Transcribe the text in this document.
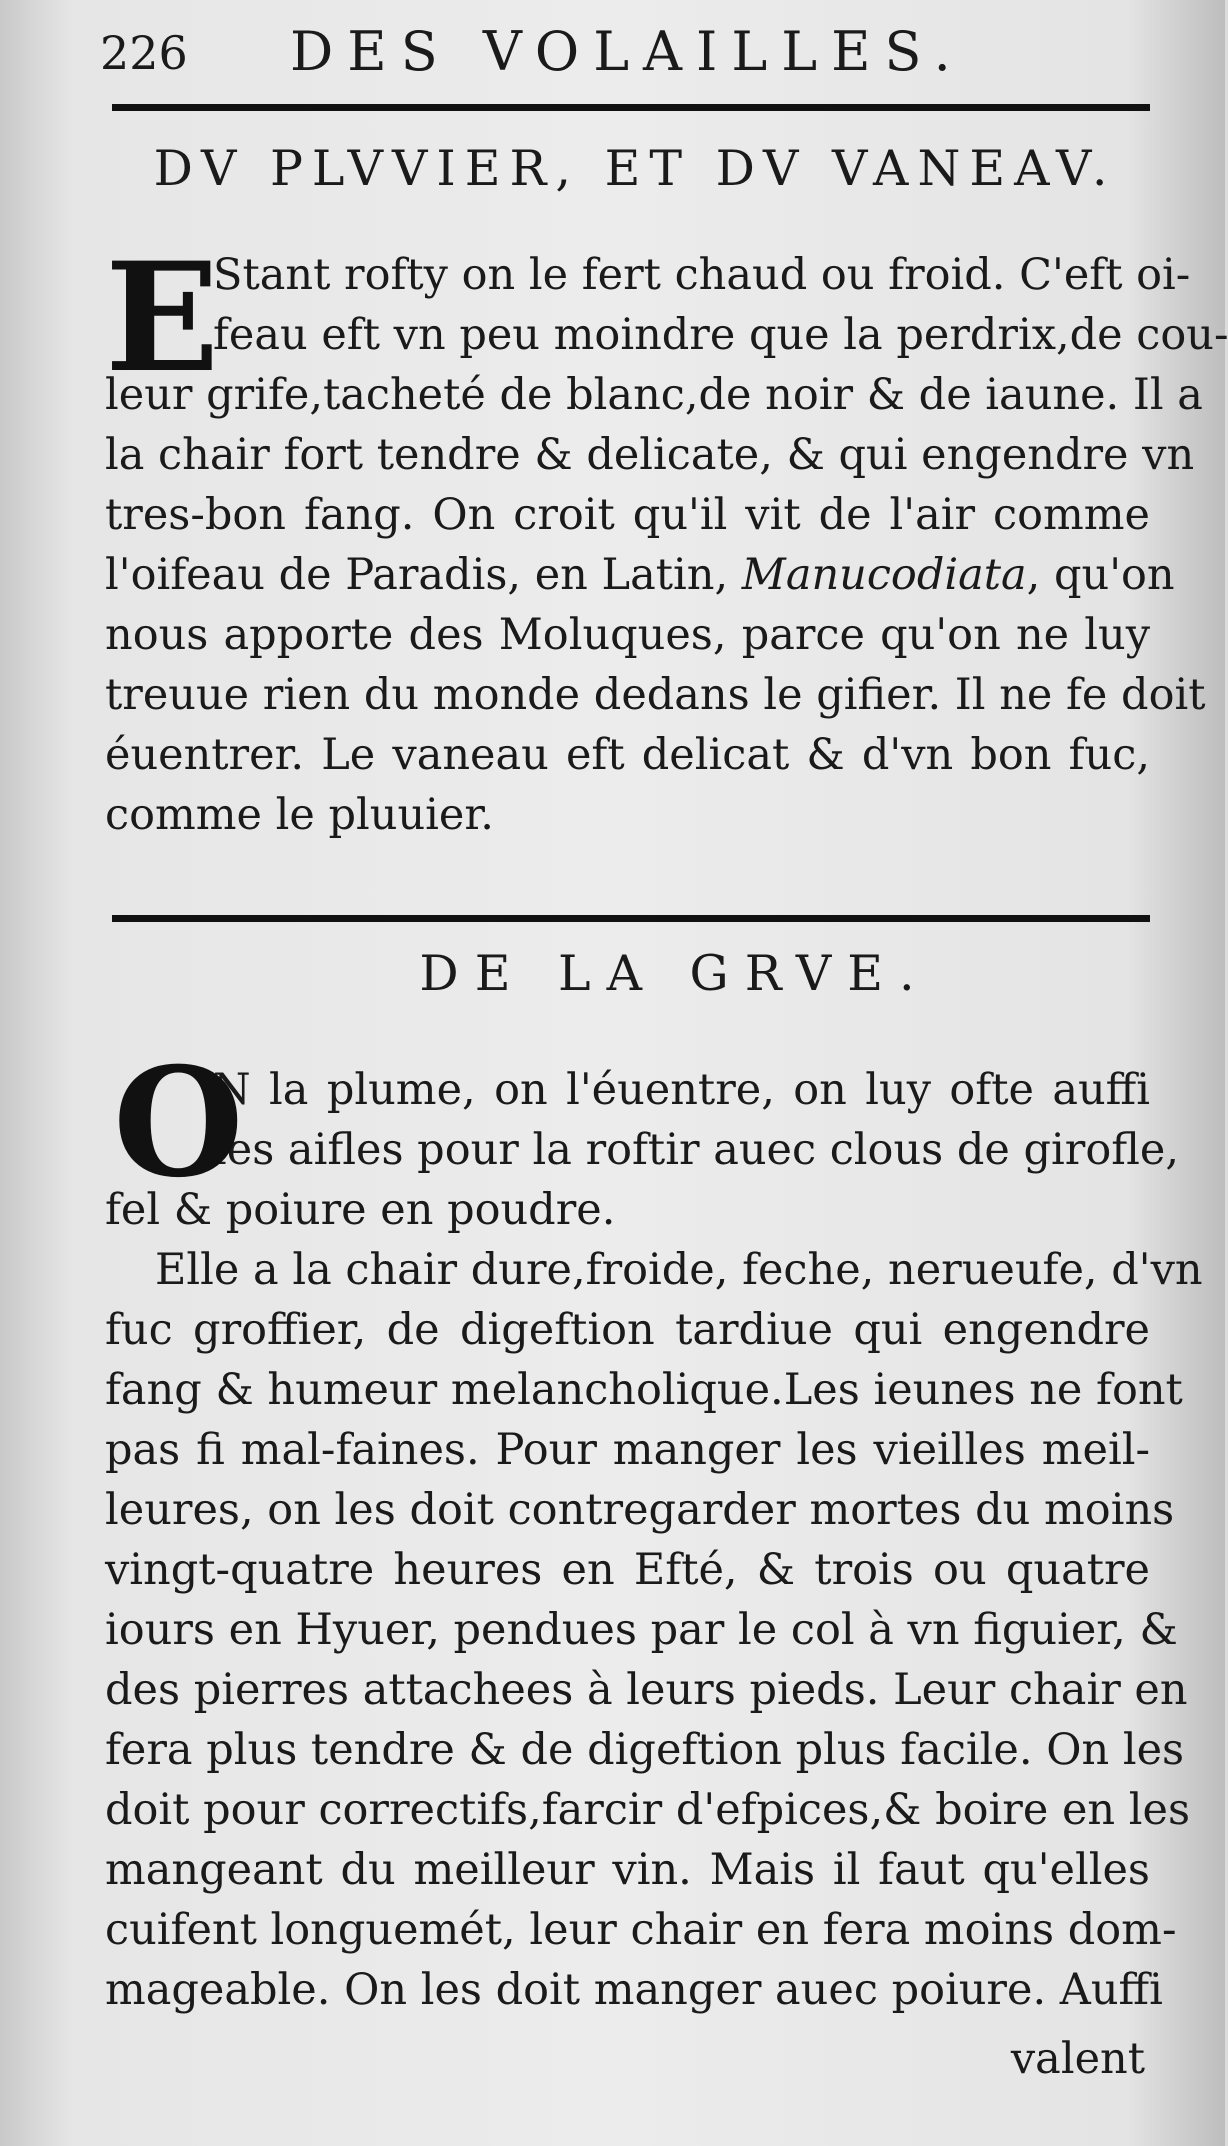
226 DES VOLAILLES.
DV PLVVIER, ET DV VANEAV.
E
Stant rofty on le fert chaud ou froid. C'eft oi-
feau eft vn peu moindre que la perdrix,de cou-
leur grife,tacheté de blanc,de noir & de iaune. Il a
la chair fort tendre & delicate, & qui engendre vn
tres-bon fang. On croit qu'il vit de l'air comme
l'oifeau de Paradis, en Latin, Manucodiata, qu'on
nous apporte des Moluques, parce qu'on ne luy
treuue rien du monde dedans le gifier. Il ne fe doit
éuentrer. Le vaneau eft delicat & d'vn bon fuc,
comme le pluuier.
DE LA GRVE.
O
N la plume, on l'éuentre, on luy ofte auffi
les aifles pour la roftir auec clous de girofle,
fel & poiure en poudre.
Elle a la chair dure,froide, feche, nerueufe, d'vn
fuc groffier, de digeftion tardiue qui engendre
fang & humeur melancholique.Les ieunes ne font
pas fi mal-faines. Pour manger les vieilles meil-
leures, on les doit contregarder mortes du moins
vingt-quatre heures en Efté, & trois ou quatre
iours en Hyuer, pendues par le col à vn figuier, &
des pierres attachees à leurs pieds. Leur chair en
fera plus tendre & de digeftion plus facile. On les
doit pour correctifs,farcir d'efpices,& boire en les
mangeant du meilleur vin. Mais il faut qu'elles
cuifent longuemét, leur chair en fera moins dom-
mageable. On les doit manger auec poiure. Auffi
valent
